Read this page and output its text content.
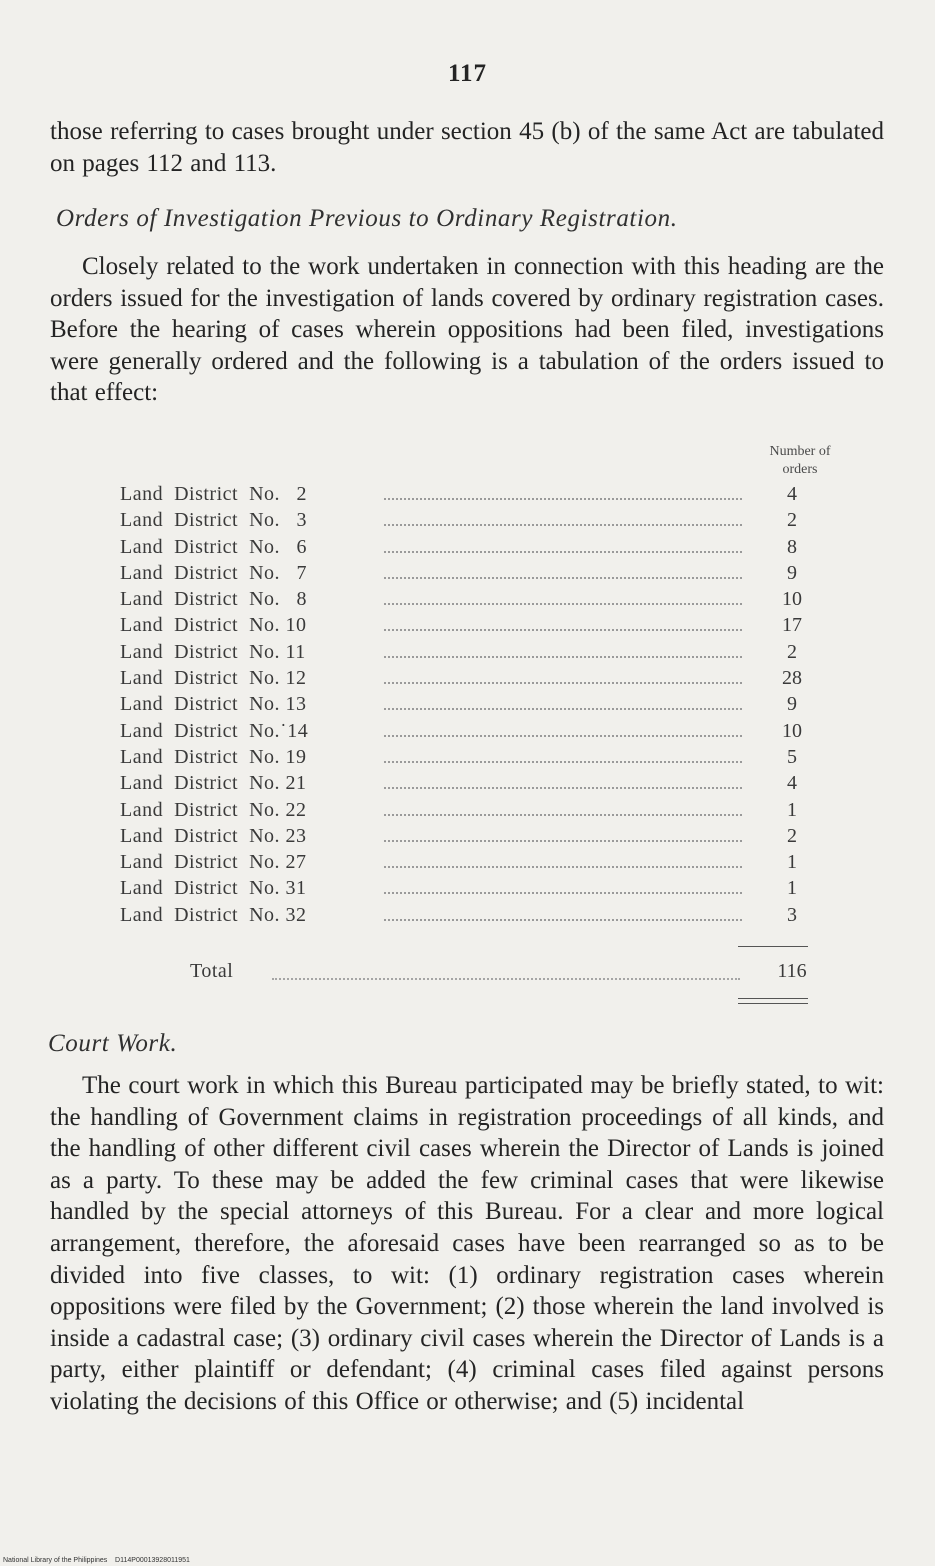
117
those referring to cases brought under section 45 (b) of the same Act are tabulated on pages 112 and 113.
Orders of Investigation Previous to Ordinary Registration.
Closely related to the work undertaken in connection with this heading are the orders issued for the investigation of lands covered by ordinary registration cases. Before the hearing of cases wherein oppositions had been filed, investigations were generally ordered and the following is a tabulation of the orders issued to that effect:
Number of
orders
Land  District  No.   2	4
Land  District  No.   3	2
Land  District  No.   6	8
Land  District  No.   7	9
Land  District  No.   8	10
Land  District  No. 10	17
Land  District  No. 11	2
Land  District  No. 12	28
Land  District  No. 13	9
Land  District  No.˙14	10
Land  District  No. 19	5
Land  District  No. 21	4
Land  District  No. 22	1
Land  District  No. 23	2
Land  District  No. 27	1
Land  District  No. 31	1
Land  District  No. 32	3
Total	116
Court Work.
The court work in which this Bureau participated may be briefly stated, to wit: the handling of Government claims in registration proceedings of all kinds, and the handling of other different civil cases wherein the Director of Lands is joined as a party. To these may be added the few criminal cases that were likewise handled by the special attorneys of this Bureau. For a clear and more logical arrangement, therefore, the aforesaid cases have been rearranged so as to be divided into five classes, to wit: (1) ordinary registration cases wherein oppositions were filed by the Government; (2) those wherein the land involved is inside a cadastral case; (3) ordinary civil cases wherein the Director of Lands is a party, either plaintiff or defendant; (4) criminal cases filed against persons violating the decisions of this Office or otherwise; and (5) incidental
National Library of the Philippines    D114P00013928011951
